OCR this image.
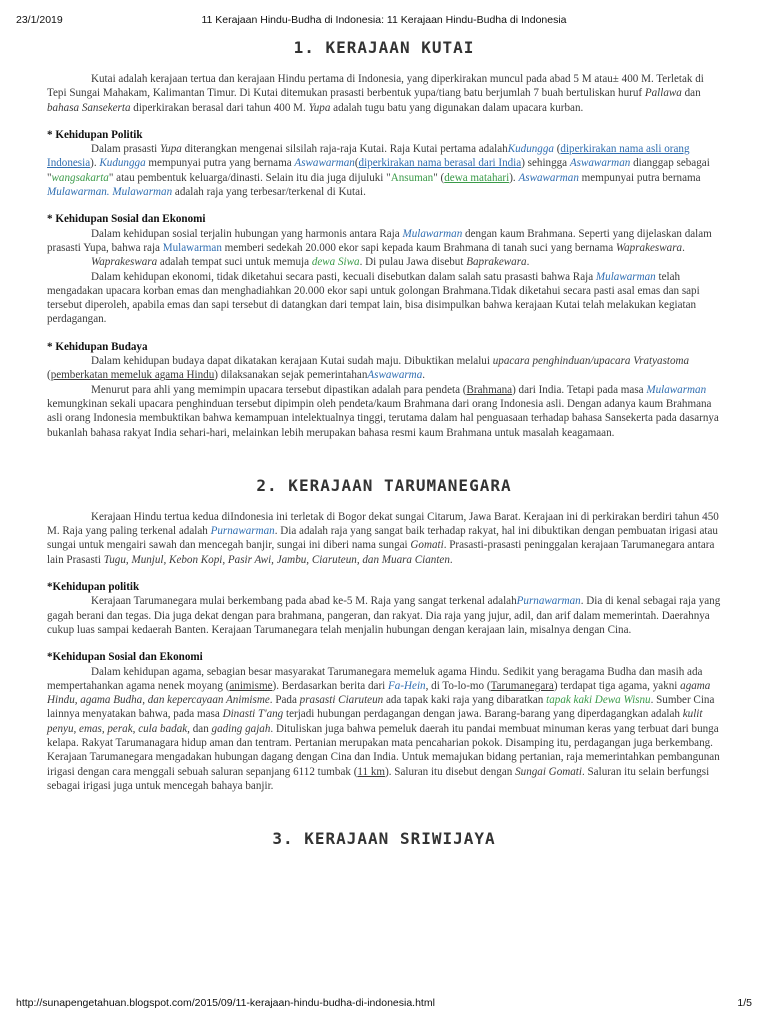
23/1/2019	11 Kerajaan Hindu-Budha di Indonesia: 11 Kerajaan Hindu-Budha di Indonesia
1. KERAJAAN KUTAI

Kutai adalah kerajaan tertua dan kerajaan Hindu pertama di Indonesia, yang diperkirakan muncul pada abad 5 M atau± 400 M. Terletak di Tepi Sungai Mahakam, Kalimantan Timur. Di Kutai ditemukan prasasti berbentuk yupa/tiang batu berjumlah 7 buah bertuliskan huruf Pallawa dan bahasa Sansekerta diperkirakan berasal dari tahun 400 M. Yupa adalah tugu batu yang digunakan dalam upacara kurban.

* Kehidupan Politik

Dalam prasasti Yupa diterangkan mengenai silsilah raja-raja Kutai. Raja Kutai pertama adalahKudungga (diperkirakan nama asli orang Indonesia). Kudungga mempunyai putra yang bernama Aswawarman(diperkirakan nama berasal dari India) sehingga Aswawarman dianggap sebagai "wangsakarta" atau pembentuk keluarga/dinasti. Selain itu dia juga dijuluki "Ansuman" (dewa matahari). Aswawarman mempunyai putra bernama Mulawarman. Mulawarman adalah raja yang terbesar/terkenal di Kutai.

* Kehidupan Sosial dan Ekonomi

Dalam kehidupan sosial terjalin hubungan yang harmonis antara Raja Mulawarman dengan kaum Brahmana. Seperti yang dijelaskan dalam prasasti Yupa, bahwa raja Mulawarman memberi sedekah 20.000 ekor sapi kepada kaum Brahmana di tanah suci yang bernama Waprakeswara.

Waprakeswara adalah tempat suci untuk memuja dewa Siwa. Di pulau Jawa disebut Baprakewara.

Dalam kehidupan ekonomi, tidak diketahui secara pasti, kecuali disebutkan dalam salah satu prasasti bahwa Raja Mulawarman telah mengadakan upacara korban emas dan menghadiahkan 20.000 ekor sapi untuk golongan Brahmana.Tidak diketahui secara pasti asal emas dan sapi tersebut diperoleh, apabila emas dan sapi tersebut di datangkan dari tempat lain, bisa disimpulkan bahwa kerajaan Kutai telah melakukan kegiatan perdagangan.

* Kehidupan Budaya

Dalam kehidupan budaya dapat dikatakan kerajaan Kutai sudah maju. Dibuktikan melalui upacara penghinduan/upacara Vratyastoma (pemberkatan memeluk agama Hindu) dilaksanakan sejak pemerintahanAswawarma.

Menurut para ahli yang memimpin upacara tersebut dipastikan adalah para pendeta (Brahmana) dari India. Tetapi pada masa Mulawarman kemungkinan sekali upacara penghinduan tersebut dipimpin oleh pendeta/kaum Brahmana dari orang Indonesia asli. Dengan adanya kaum Brahmana asli orang Indonesia membuktikan bahwa kemampuan intelektualnya tinggi, terutama dalam hal penguasaan terhadap bahasa Sansekerta pada dasarnya bukanlah bahasa rakyat India sehari-hari, melainkan lebih merupakan bahasa resmi kaum Brahmana untuk masalah keagamaan.

2. KERAJAAN TARUMANEGARA

Kerajaan Hindu tertua kedua diIndonesia ini terletak di Bogor dekat sungai Citarum, Jawa Barat. Kerajaan ini di perkirakan berdiri tahun 450 M. Raja yang paling terkenal adalah Purnawarman. Dia adalah raja yang sangat baik terhadap rakyat, hal ini dibuktikan dengan pembuatan irigasi atau sungai untuk mengairi sawah dan mencegah banjir, sungai ini diberi nama sungai Gomati. Prasasti-prasasti peninggalan kerajaan Tarumanegara antara lain Prasasti Tugu, Munjul, Kebon Kopi, Pasir Awi, Jambu, Ciaruteun, dan Muara Cianten.

*Kehidupan politik

Kerajaan Tarumanegara mulai berkembang pada abad ke-5 M. Raja yang sangat terkenal adalahPurnawarman. Dia di kenal sebagai raja yang gagah berani dan tegas. Dia juga dekat dengan para brahmana, pangeran, dan rakyat. Dia raja yang jujur, adil, dan arif dalam memerintah. Daerahnya cukup luas sampai kedaerah Banten. Kerajaan Tarumanegara telah menjalin hubungan dengan kerajaan lain, misalnya dengan Cina.

*Kehidupan Sosial dan Ekonomi

Dalam kehidupan agama, sebagian besar masyarakat Tarumanegara memeluk agama Hindu. Sedikit yang beragama Budha dan masih ada mempertahankan agama nenek moyang (animisme). Berdasarkan berita dari Fa-Hein, di To-lo-mo (Tarumanegara) terdapat tiga agama, yakni agama Hindu, agama Budha, dan kepercayaan Animisme. Pada prasasti Ciaruteun ada tapak kaki raja yang dibaratkan tapak kaki Dewa Wisnu. Sumber Cina lainnya menyatakan bahwa, pada masa Dinasti T'ang terjadi hubungan perdagangan dengan jawa. Barang-barang yang diperdagangkan adalah kulit penyu, emas, perak, cula badak, dan gading gajah. Dituliskan juga bahwa pemeluk daerah itu pandai membuat minuman keras yang terbuat dari bunga kelapa. Rakyat Tarumanagara hidup aman dan tentram. Pertanian merupakan mata pencaharian pokok. Disamping itu, perdagangan juga berkembang. Kerajaan Tarumanegara mengadakan hubungan dagang dengan Cina dan India. Untuk memajukan bidang pertanian, raja memerintahkan pembangunan irigasi dengan cara menggali sebuah saluran sepanjang 6112 tumbak (11 km). Saluran itu disebut dengan Sungai Gomati. Saluran itu selain berfungsi sebagai irigasi juga untuk mencegah bahaya banjir.

3. KERAJAAN SRIWIJAYA
http://sunapengetahuan.blogspot.com/2015/09/11-kerajaan-hindu-budha-di-indonesia.html	1/5
